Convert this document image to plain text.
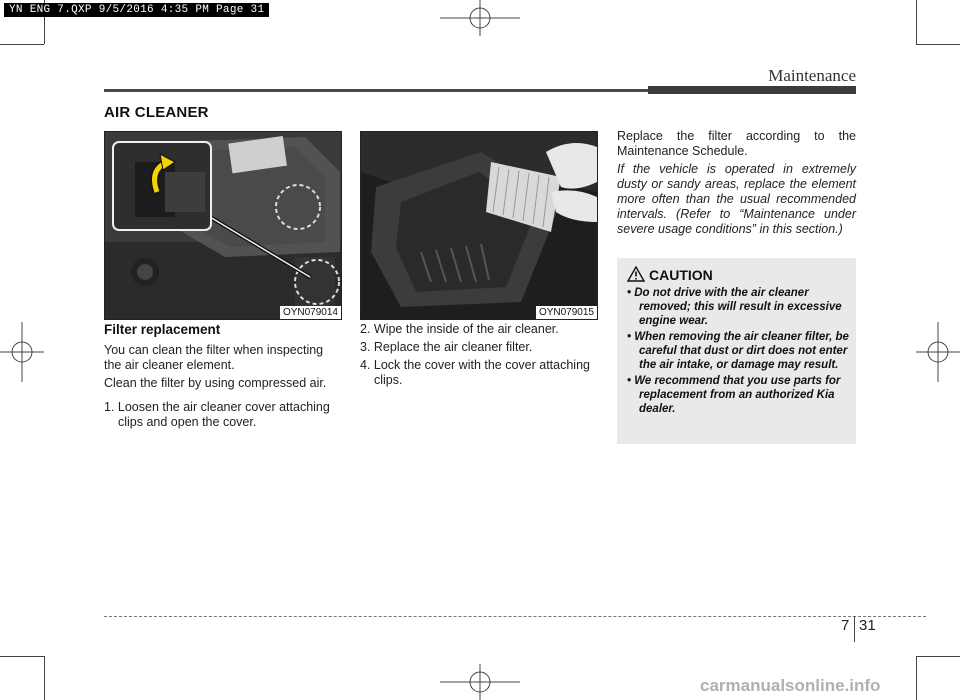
YN ENG 7.QXP 9/5/2016 4:35 PM Page 31
Maintenance
AIR CLEANER
OYN079014	OYN079015
Filter replacement
You can clean the filter when inspecting the air cleaner element.
Clean the filter by using compressed air.
1. Loosen the air cleaner cover attaching clips and open the cover.
2. Wipe the inside of the air cleaner.
3. Replace the air cleaner filter.
4. Lock the cover with the cover attaching clips.
Replace the filter according to the Maintenance Schedule.
If the vehicle is operated in extremely dusty or sandy areas, replace the element more often than the usual recommended intervals. (Refer to “Maintenance under severe usage conditions” in this section.)
CAUTION
• Do not drive with the air cleaner removed; this will result in excessive engine wear.
• When removing the air cleaner filter, be careful that dust or dirt does not enter the air intake, or damage may result.
• We recommend that you use parts for replacement from an authorized Kia dealer.
7 31
carmanualsonline.info
